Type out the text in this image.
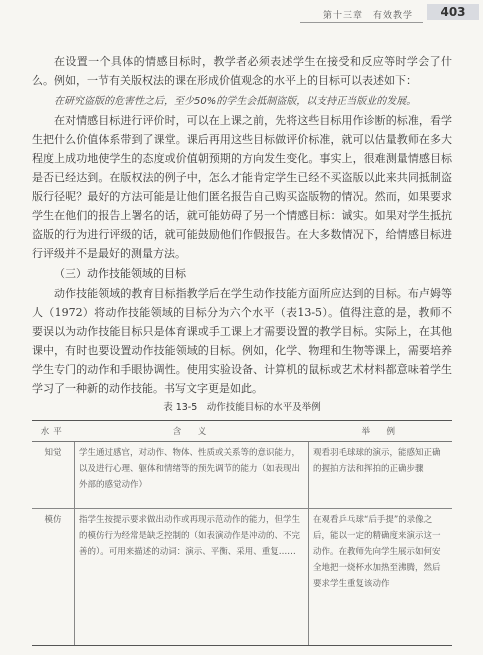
第十三章　有效教学	403

在设置一个具体的情感目标时，教学者必须表述学生在接受和反应等时学会了什么。例如，一节有关版权法的课在形成价值观念的水平上的目标可以表述如下：

在研究盗版的危害性之后，至少50%的学生会抵制盗版，以支持正当版业的发展。

在对情感目标进行评价时，可以在上课之前，先将这些目标用作诊断的标准，看学生把什么价值体系带到了课堂。课后再用这些目标做评价标准，就可以估量教师在多大程度上成功地使学生的态度或价值朝预期的方向发生变化。事实上，很难测量情感目标是否已经达到。在版权法的例子中，怎么才能肯定学生已经不买盗版以此来共同抵制盗版行径呢？最好的方法可能是让他们匿名报告自己购买盗版物的情况。然而，如果要求学生在他们的报告上署名的话，就可能妨碍了另一个情感目标：诚实。如果对学生抵抗盗版的行为进行评级的话，就可能鼓励他们作假报告。在大多数情况下，给情感目标进行评级并不是最好的测量方法。

（三）动作技能领域的目标

动作技能领域的教育目标指教学后在学生动作技能方面所应达到的目标。布卢姆等人（1972）将动作技能领域的目标分为六个水平（表13-5）。值得注意的是，教师不要误以为动作技能目标只是体育课或手工课上才需要设置的教学目标。实际上，在其他课中，有时也要设置动作技能领域的目标。例如，化学、物理和生物等课上，需要培养学生专门的动作和手眼协调性。使用实验设备、计算机的鼠标或艺术材料都意味着学生学习了一种新的动作技能。书写文字更是如此。

表 13-5　动作技能目标的水平及举例
水平	含　义	举　例
知觉	学生通过感官，对动作、物体、性质或关系等的意识能力，以及进行心理、躯体和情绪等的预先调节的能力（如表现出外部的感觉动作）	观看羽毛球球的演示，能感知正确的握拍方法和挥拍的正确步骤
模仿	指学生按提示要求做出动作或再现示范动作的能力，但学生的模仿行为经常是缺乏控制的（如表演动作是冲动的、不完善的）。可用来描述的动词：演示、平衡、采用、重复……	在观看乒乓球“后手提”的录像之后，能以一定的精确度来演示这一动作。在教师先向学生展示如何安全地把一烧杯水加热至沸腾，然后要求学生重复该动作
